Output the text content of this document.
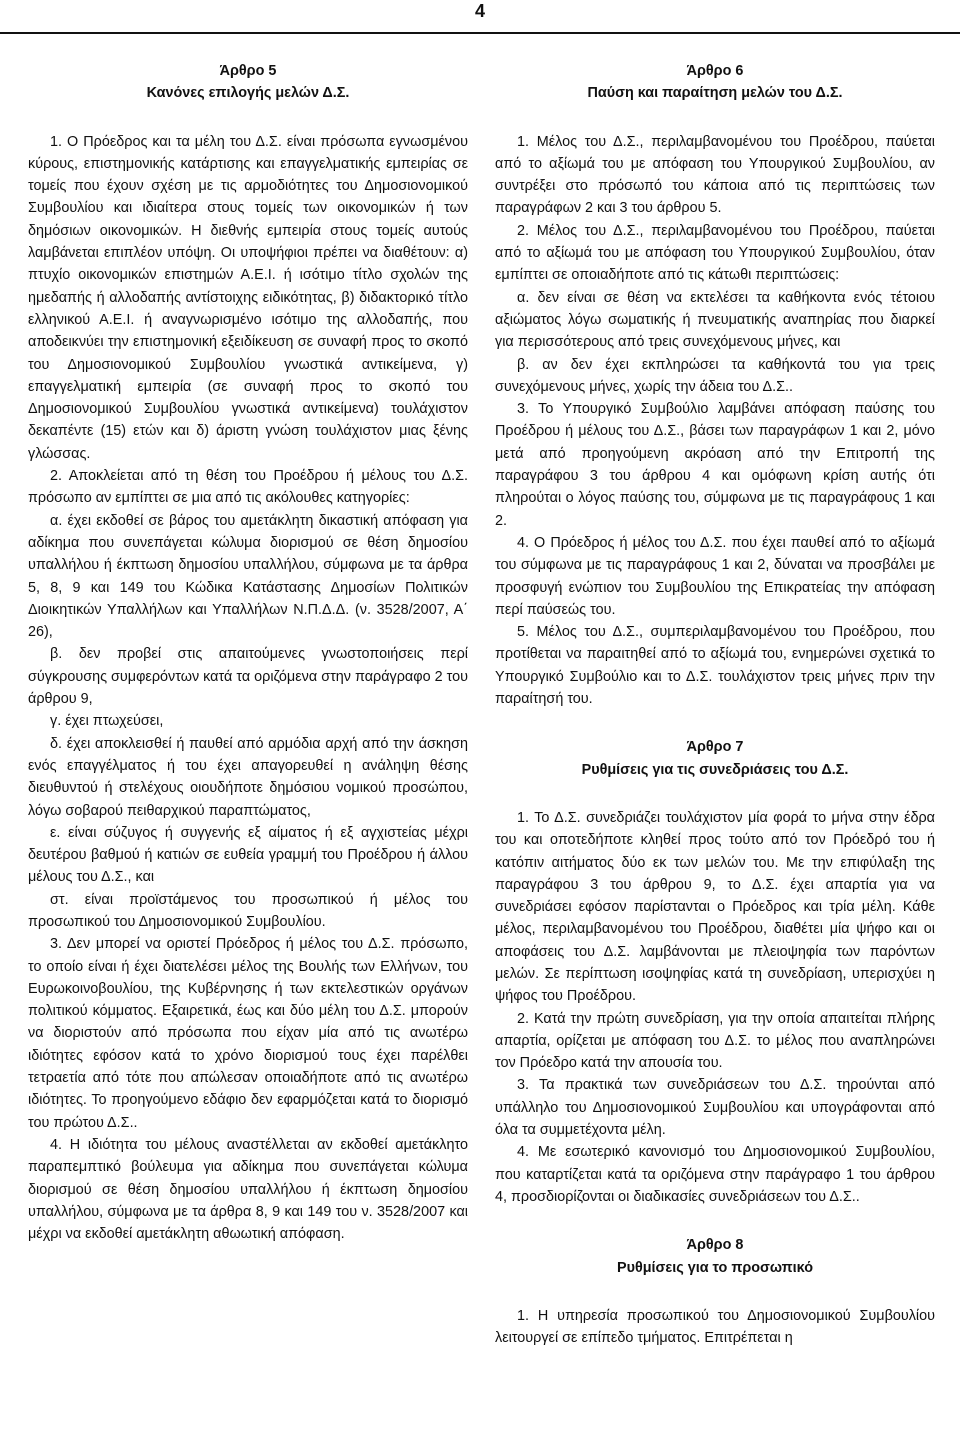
4
Άρθρο 5
Κανόνες επιλογής μελών Δ.Σ.

1. Ο Πρόεδρος και τα μέλη του Δ.Σ. είναι πρόσωπα εγνωσμένου κύρους, επιστημονικής κατάρτισης και επαγγελματικής εμπειρίας σε τομείς που έχουν σχέση με τις αρμοδιότητες του Δημοσιονομικού Συμβουλίου και ιδιαίτερα στους τομείς των οικονομικών ή των δημόσιων οικονομικών. Η διεθνής εμπειρία στους τομείς αυτούς λαμβάνεται επιπλέον υπόψη. Οι υποψήφιοι πρέπει να διαθέτουν: α) πτυχίο οικονομικών επιστημών Α.Ε.Ι. ή ισότιμο τίτλο σχολών της ημεδαπής ή αλλοδαπής αντίστοιχης ειδικότητας, β) διδακτορικό τίτλο ελληνικού Α.Ε.Ι. ή αναγνωρισμένο ισότιμο της αλλοδαπής, που αποδεικνύει την επιστημονική εξειδίκευση σε συναφή προς το σκοπό του Δημοσιονομικού Συμβουλίου γνωστικά αντικείμενα, γ) επαγγελματική εμπειρία (σε συναφή προς το σκοπό του Δημοσιονομικού Συμβουλίου γνωστικά αντικείμενα) τουλάχιστον δεκαπέντε (15) ετών και δ) άριστη γνώση τουλάχιστον μιας ξένης γλώσσας.

2. Αποκλείεται από τη θέση του Προέδρου ή μέλους του Δ.Σ. πρόσωπο αν εμπίπτει σε μια από τις ακόλουθες κατηγορίες:

α. έχει εκδοθεί σε βάρος του αμετάκλητη δικαστική απόφαση για αδίκημα που συνεπάγεται κώλυμα διορισμού σε θέση δημοσίου υπαλλήλου ή έκπτωση δημοσίου υπαλλήλου, σύμφωνα με τα άρθρα 5, 8, 9 και 149 του Κώδικα Κατάστασης Δημοσίων Πολιτικών Διοικητικών Υπαλλήλων και Υπαλλήλων Ν.Π.Δ.Δ. (ν. 3528/2007, Α΄ 26),

β. δεν προβεί στις απαιτούμενες γνωστοποιήσεις περί σύγκρουσης συμφερόντων κατά τα οριζόμενα στην παράγραφο 2 του άρθρου 9,

γ. έχει πτωχεύσει,

δ. έχει αποκλεισθεί ή παυθεί από αρμόδια αρχή από την άσκηση ενός επαγγέλματος ή του έχει απαγορευθεί η ανάληψη θέσης διευθυντού ή στελέχους οιουδήποτε δημόσιου νομικού προσώπου, λόγω σοβαρού πειθαρχικού παραπτώματος,

ε. είναι σύζυγος ή συγγενής εξ αίματος ή εξ αγχιστείας μέχρι δευτέρου βαθμού ή κατιών σε ευθεία γραμμή του Προέδρου ή άλλου μέλους του Δ.Σ., και

στ. είναι προϊστάμενος του προσωπικού ή μέλος του προσωπικού του Δημοσιονομικού Συμβουλίου.

3. Δεν μπορεί να οριστεί Πρόεδρος ή μέλος του Δ.Σ. πρόσωπο, το οποίο είναι ή έχει διατελέσει μέλος της Βουλής των Ελλήνων, του Ευρωκοινοβουλίου, της Κυβέρνησης ή των εκτελεστικών οργάνων πολιτικού κόμματος. Εξαιρετικά, έως και δύο μέλη του Δ.Σ. μπορούν να διοριστούν από πρόσωπα που είχαν μία από τις ανωτέρω ιδιότητες εφόσον κατά το χρόνο διορισμού τους έχει παρέλθει τετραετία από τότε που απώλεσαν οποιαδήποτε από τις ανωτέρω ιδιότητες. Το προηγούμενο εδάφιο δεν εφαρμόζεται κατά το διορισμό του πρώτου Δ.Σ..

4. Η ιδιότητα του μέλους αναστέλλεται αν εκδοθεί αμετάκλητο παραπεμπτικό βούλευμα για αδίκημα που συνεπάγεται κώλυμα διορισμού σε θέση δημοσίου υπαλλήλου ή έκπτωση δημοσίου υπαλλήλου, σύμφωνα με τα άρθρα 8, 9 και 149 του ν. 3528/2007 και μέχρι να εκδοθεί αμετάκλητη αθωωτική απόφαση.

Άρθρο 6
Παύση και παραίτηση μελών του Δ.Σ.

1. Μέλος του Δ.Σ., περιλαμβανομένου του Προέδρου, παύεται από το αξίωμά του με απόφαση του Υπουργικού Συμβουλίου, αν συντρέξει στο πρόσωπό του κάποια από τις περιπτώσεις των παραγράφων 2 και 3 του άρθρου 5.

2. Μέλος του Δ.Σ., περιλαμβανομένου του Προέδρου, παύεται από το αξίωμά του με απόφαση του Υπουργικού Συμβουλίου, όταν εμπίπτει σε οποιαδήποτε από τις κάτωθι περιπτώσεις:

α. δεν είναι σε θέση να εκτελέσει τα καθήκοντα ενός τέτοιου αξιώματος λόγω σωματικής ή πνευματικής αναπηρίας που διαρκεί για περισσότερους από τρεις συνεχόμενους μήνες, και

β. αν δεν έχει εκπληρώσει τα καθήκοντά του για τρεις συνεχόμενους μήνες, χωρίς την άδεια του Δ.Σ..

3. Το Υπουργικό Συμβούλιο λαμβάνει απόφαση παύσης του Προέδρου ή μέλους του Δ.Σ., βάσει των παραγράφων 1 και 2, μόνο μετά από προηγούμενη ακρόαση από την Επιτροπή της παραγράφου 3 του άρθρου 4 και ομόφωνη κρίση αυτής ότι πληρούται ο λόγος παύσης του, σύμφωνα με τις παραγράφους 1 και 2.

4. Ο Πρόεδρος ή μέλος του Δ.Σ. που έχει παυθεί από το αξίωμά του σύμφωνα με τις παραγράφους 1 και 2, δύναται να προσβάλει με προσφυγή ενώπιον του Συμβουλίου της Επικρατείας την απόφαση περί παύσεώς του.

5. Μέλος του Δ.Σ., συμπεριλαμβανομένου του Προέδρου, που προτίθεται να παραιτηθεί από το αξίωμά του, ενημερώνει σχετικά το Υπουργικό Συμβούλιο και το Δ.Σ. τουλάχιστον τρεις μήνες πριν την παραίτησή του.

Άρθρο 7
Ρυθμίσεις για τις συνεδριάσεις του Δ.Σ.

1. Το Δ.Σ. συνεδριάζει τουλάχιστον μία φορά το μήνα στην έδρα του και οποτεδήποτε κληθεί προς τούτο από τον Πρόεδρό του ή κατόπιν αιτήματος δύο εκ των μελών του. Με την επιφύλαξη της παραγράφου 3 του άρθρου 9, το Δ.Σ. έχει απαρτία για να συνεδριάσει εφόσον παρίστανται ο Πρόεδρος και τρία μέλη. Κάθε μέλος, περιλαμβανομένου του Προέδρου, διαθέτει μία ψήφο και οι αποφάσεις του Δ.Σ. λαμβάνονται με πλειοψηφία των παρόντων μελών. Σε περίπτωση ισοψηφίας κατά τη συνεδρίαση, υπερισχύει η ψήφος του Προέδρου.

2. Κατά την πρώτη συνεδρίαση, για την οποία απαιτείται πλήρης απαρτία, ορίζεται με απόφαση του Δ.Σ. το μέλος που αναπληρώνει τον Πρόεδρο κατά την απουσία του.

3. Τα πρακτικά των συνεδριάσεων του Δ.Σ. τηρούνται από υπάλληλο του Δημοσιονομικού Συμβουλίου και υπογράφονται από όλα τα συμμετέχοντα μέλη.

4. Με εσωτερικό κανονισμό του Δημοσιονομικού Συμβουλίου, που καταρτίζεται κατά τα οριζόμενα στην παράγραφο 1 του άρθρου 4, προσδιορίζονται οι διαδικασίες συνεδριάσεων του Δ.Σ..

Άρθρο 8
Ρυθμίσεις για το προσωπικό

1. Η υπηρεσία προσωπικού του Δημοσιονομικού Συμβουλίου λειτουργεί σε επίπεδο τμήματος. Επιτρέπεται η
